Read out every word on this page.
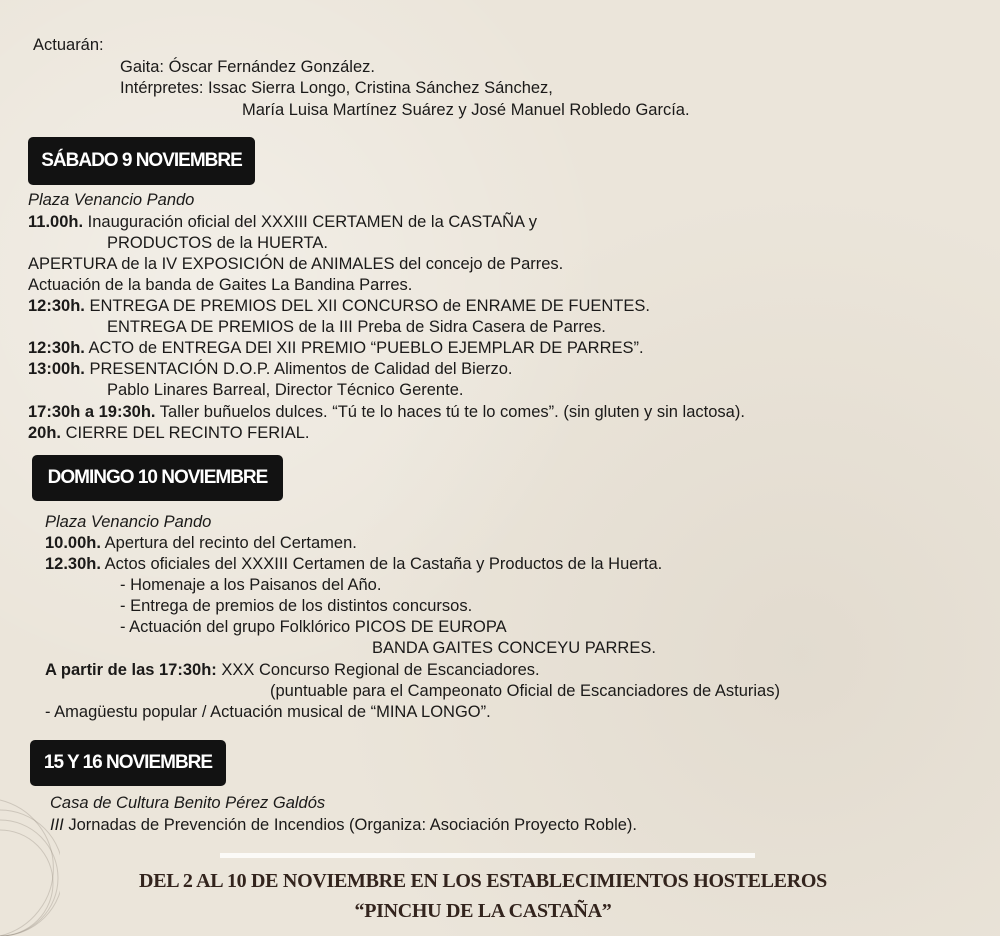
Actuarán:
Gaita: Óscar Fernández González.
Intérpretes: Issac Sierra Longo, Cristina Sánchez Sánchez,
María Luisa Martínez Suárez y José Manuel Robledo García.
SÁBADO 9 NOVIEMBRE
Plaza Venancio Pando
11.00h. Inauguración oficial del XXXIII CERTAMEN de la CASTAÑA y
PRODUCTOS de la HUERTA.
APERTURA de la IV EXPOSICIÓN de ANIMALES del concejo de Parres.
Actuación de la banda de Gaites La Bandina Parres.
12:30h. ENTREGA DE PREMIOS DEL XII CONCURSO de ENRAME DE FUENTES.
ENTREGA DE PREMIOS de la III Preba de Sidra Casera de Parres.
12:30h. ACTO de ENTREGA DEl XII PREMIO “PUEBLO EJEMPLAR DE PARRES”.
13:00h. PRESENTACIÓN D.O.P. Alimentos de Calidad del Bierzo.
Pablo Linares Barreal, Director Técnico Gerente.
17:30h a 19:30h. Taller buñuelos dulces. “Tú te lo haces tú te lo comes”. (sin gluten y sin lactosa).
20h. CIERRE DEL RECINTO FERIAL.
DOMINGO 10 NOVIEMBRE
Plaza Venancio Pando
10.00h. Apertura del recinto del Certamen.
12.30h. Actos oficiales del XXXIII Certamen de la Castaña y Productos de la Huerta.
- Homenaje a los Paisanos del Año.
- Entrega de premios de los distintos concursos.
- Actuación del grupo Folklórico PICOS DE EUROPA
BANDA GAITES CONCEYU PARRES.
A partir de las 17:30h: XXX Concurso Regional de Escanciadores.
(puntuable para el Campeonato Oficial de Escanciadores de Asturias)
- Amagüestu popular / Actuación musical de “MINA LONGO”.
15 Y 16 NOVIEMBRE
Casa de Cultura Benito Pérez Galdós
III Jornadas de Prevención de Incendios (Organiza: Asociación Proyecto Roble).
DEL 2 AL 10 DE NOVIEMBRE EN LOS ESTABLECIMIENTOS HOSTELEROS
“PINCHU DE LA CASTAÑA”
